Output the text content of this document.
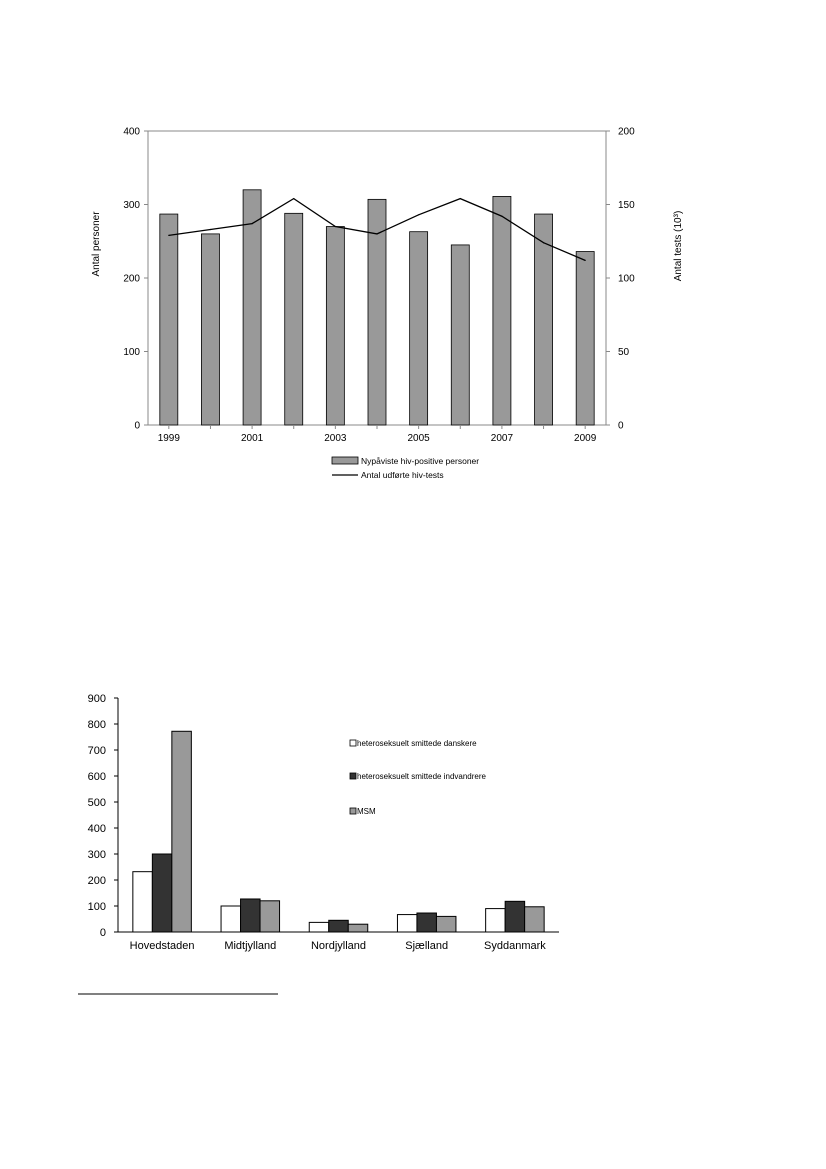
0
100
200
300
400
0
50
100
150
200
1999	2001	2003	2005	2007	2009
Antal personer	Antal tests (10³)
Nypåviste hiv-positive personer
Antal udførte hiv-tests
0
100
200
300
400
500
600
700
800
900
Hovedstaden	Midtjylland	Nordjylland	Sjælland	Syddanmark
heteroseksuelt smittede danskere
heteroseksuelt smittede indvandrere
MSM
